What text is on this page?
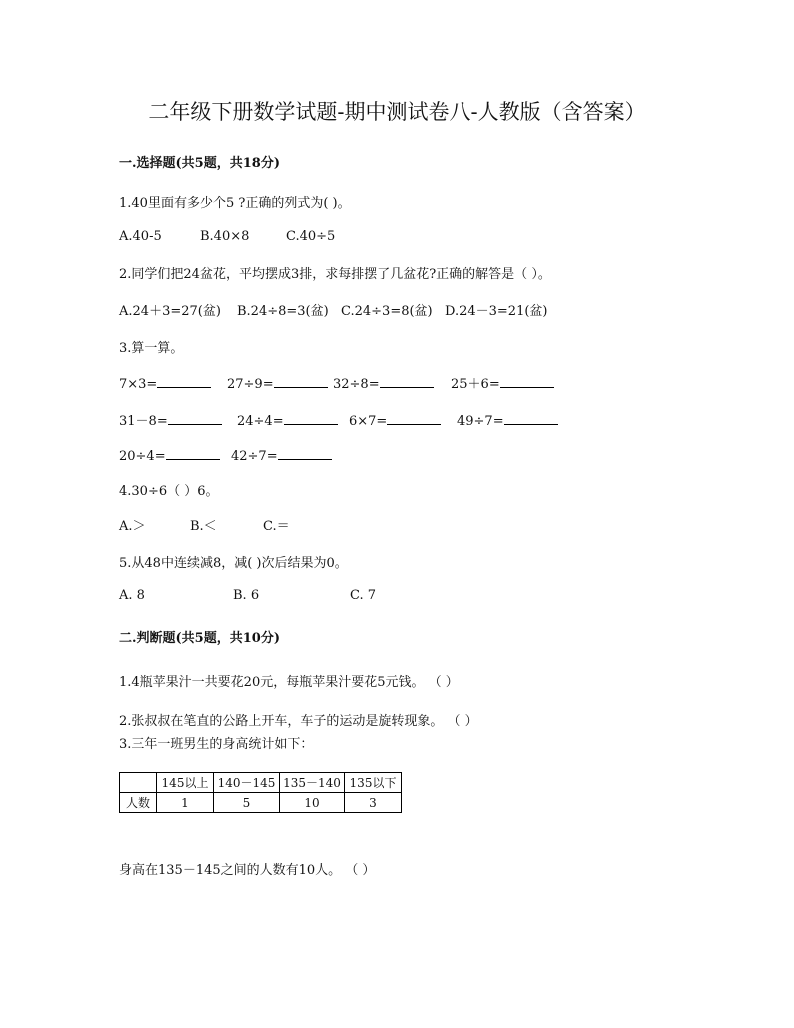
二年级下册数学试题-期中测试卷八-人教版（含答案）
一.选择题(共5题，共18分)
1.40里面有多少个5 ?正确的列式为( )。
A.40-5	B.40×8	C.40÷5
2.同学们把24盆花，平均摆成3排，求每排摆了几盆花?正确的解答是（ ）。
A.24＋3=27(盆) B.24÷8=3(盆) C.24÷3=8(盆) D.24－3=21(盆)
3.算一算。
7×3=	27÷9=	32÷8=	25＋6=
31－8=	24÷4=	6×7=	49÷7=
20÷4=	42÷7=
4.30÷6（ ）6。
A.＞	B.＜	C.＝
5.从48中连续减8，减( )次后结果为0。
A. 8	B. 6	C. 7
二.判断题(共5题，共10分)
1.4瓶苹果汁一共要花20元，每瓶苹果汁要花5元钱。 （ ）
2.张叔叔在笔直的公路上开车，车子的运动是旋转现象。 （ ）
3.三年一班男生的身高统计如下：
	145以上	140－145	135－140	135以下
人数	1	5	10	3
身高在135－145之间的人数有10人。 （ ）
